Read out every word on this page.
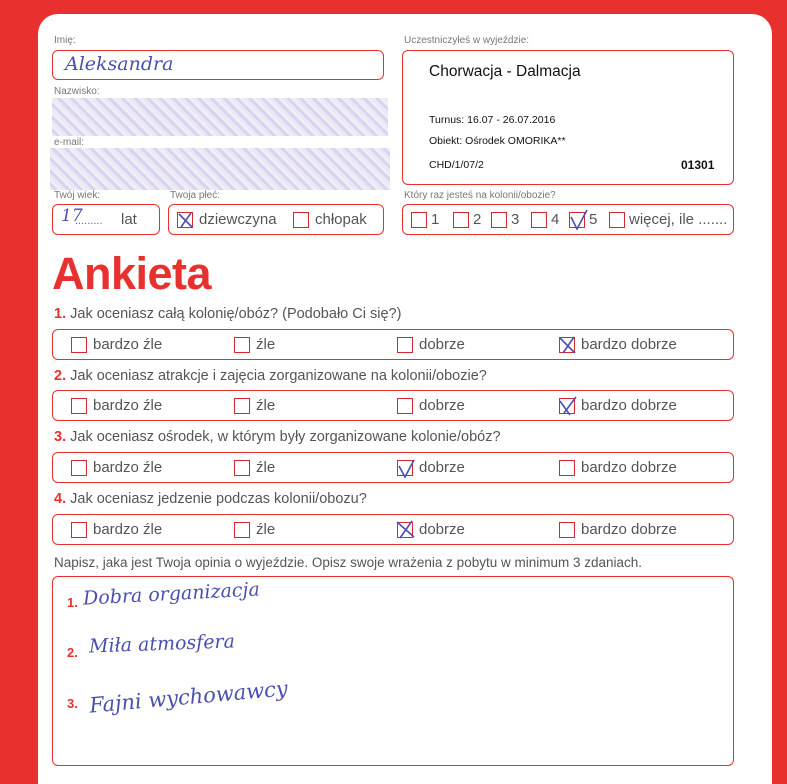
Imię:
Aleksandra
Nazwisko:
e-mail:
Twój wiek:
17
......... lat
Twoja płeć:
dziewczyna	chłopak
Uczestniczyłeś w wyjeździe:
Chorwacja - Dalmacja
Turnus: 16.07 - 26.07.2016
Obiekt: Ośrodek OMORIKA**
CHD/1/07/2	01301
Który raz jesteś na kolonii/obozie?
1 2 3 4 5 więcej, ile .......
Ankieta
1. Jak oceniasz całą kolonię/obóz? (Podobało Ci się?)
bardzo źle	źle	dobrze	bardzo dobrze
2. Jak oceniasz atrakcje i zajęcia zorganizowane na kolonii/obozie?
bardzo źle	źle	dobrze	bardzo dobrze
3. Jak oceniasz ośrodek, w którym były zorganizowane kolonie/obóz?
bardzo źle	źle	dobrze	bardzo dobrze
4. Jak oceniasz jedzenie podczas kolonii/obozu?
bardzo źle	źle	dobrze	bardzo dobrze
Napisz, jaka jest Twoja opinia o wyjeździe. Opisz swoje wrażenia z pobytu w minimum 3 zdaniach.
1. Dobra organizacja
2. Miła atmosfera
3. Fajni wychowawcy
